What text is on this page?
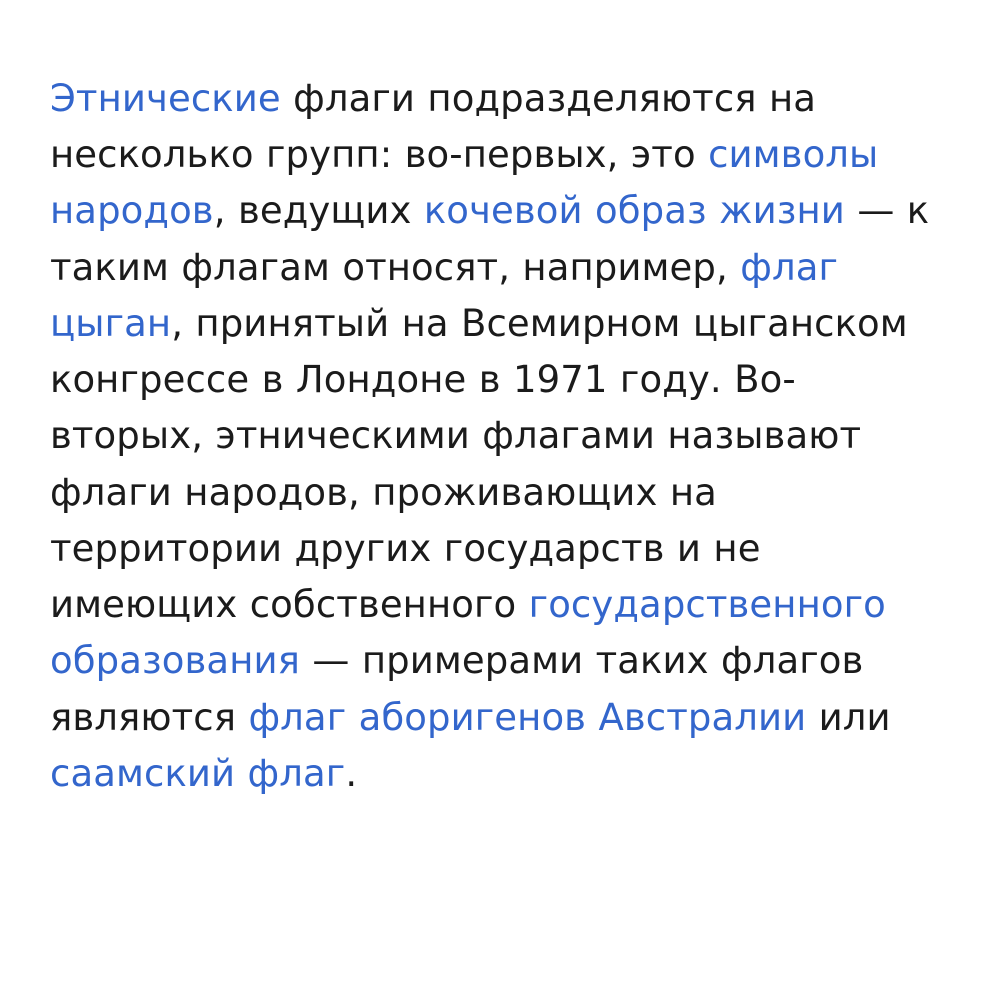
Этнические флаги подразделяются на несколько групп: во-первых, это символы народов, ведущих кочевой образ жизни — к таким флагам относят, например, флаг цыган, принятый на Всемирном цыганском конгрессе в Лондоне в 1971 году. Во-вторых, этническими флагами называют флаги народов, проживающих на территории других государств и не имеющих собственного государственного образования — примерами таких флагов являются флаг аборигенов Австралии или саамский флаг.
